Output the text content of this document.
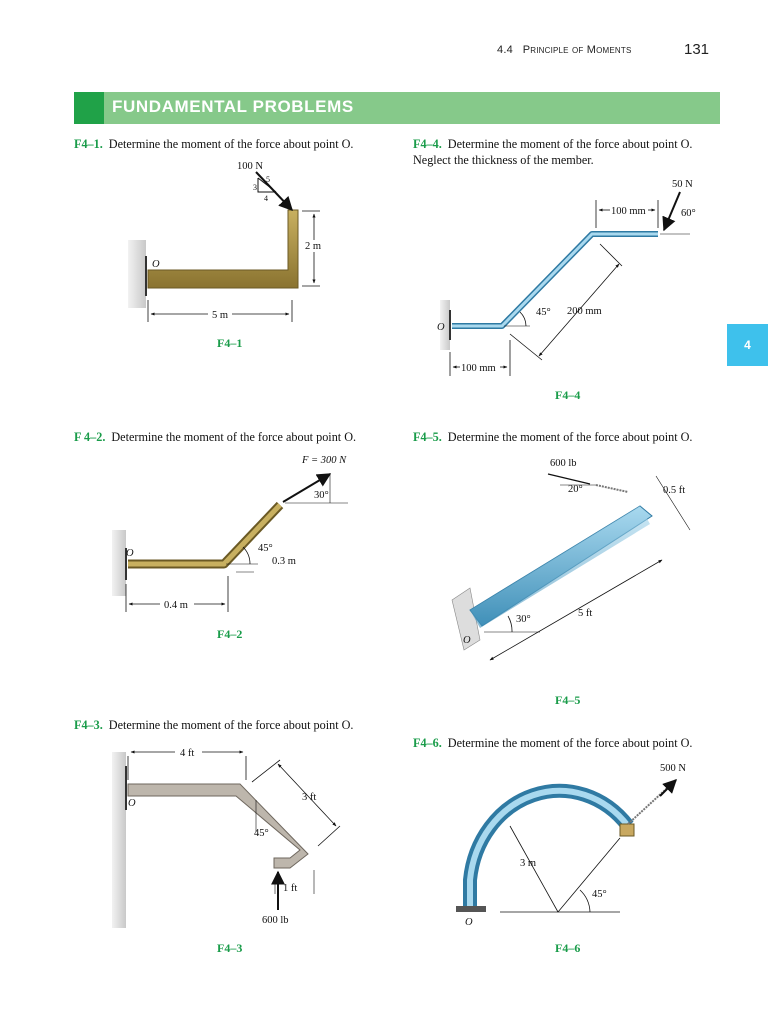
4.4 Principle of Moments	131
FUNDAMENTAL PROBLEMS
4
F4–1. Determine the moment of the force about point O.	F4–4. Determine the moment of the force about point O.
Neglect the thickness of the member.
F 4–2. Determine the moment of the force about point O.	F4–5. Determine the moment of the force about point O.
F4–3. Determine the moment of the force about point O.
F4–6. Determine the moment of the force about point O.
F4–1
F4–4
F4–2
F4–5
F4–3	F4–6
100 N
3
5
4
O
2 m
5 m
O
50 N
60°
100 mm
200 mm
45°
100 mm
O
F = 300 N
30°
45°
0.3 m
0.4 m
O
600 lb
20°	0.5 ft
30°
5 ft
O
4 ft
3 ft
45°
1 ft
600 lb	O
500 N
3 m
45°
